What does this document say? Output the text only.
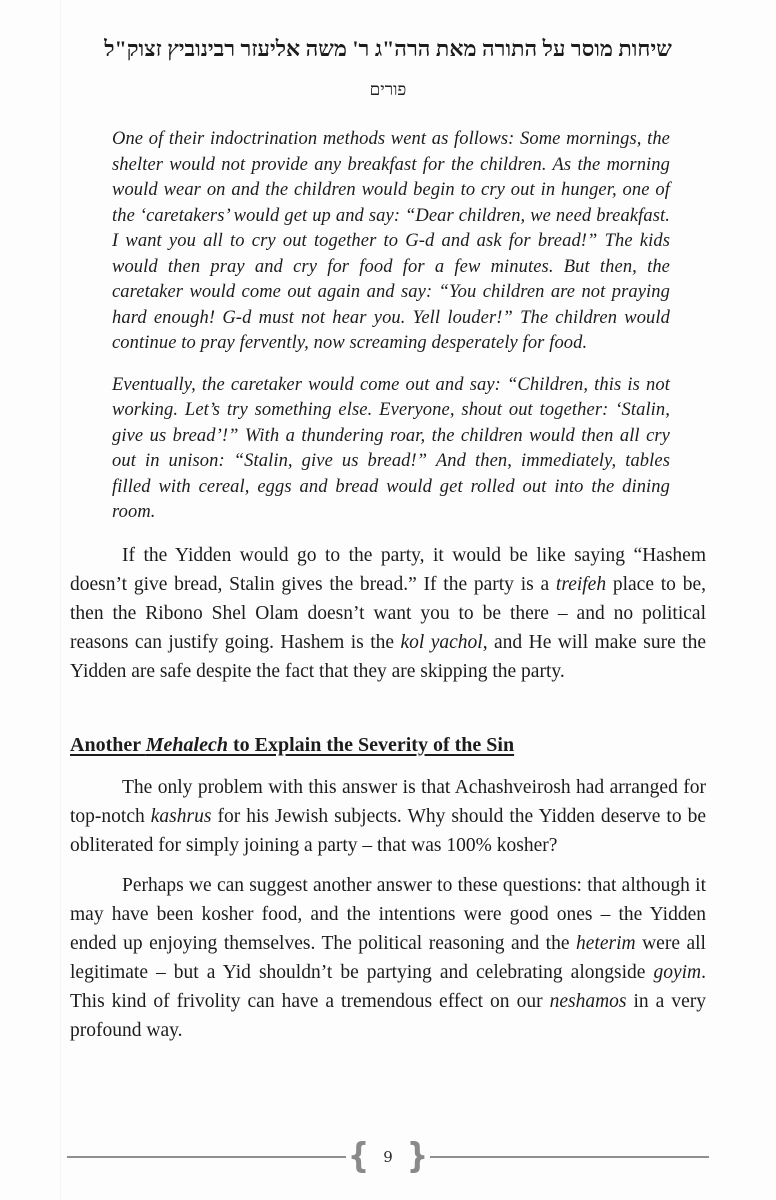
שיחות מוסר על התורה מאת הרה"ג ר' משה אליעזר רבינוביץ זצוק"ל
פורים
One of their indoctrination methods went as follows: Some mornings, the shelter would not provide any breakfast for the children. As the morning would wear on and the children would begin to cry out in hunger, one of the ‘caretakers’ would get up and say: “Dear children, we need breakfast. I want you all to cry out together to G-d and ask for bread!” The kids would then pray and cry for food for a few minutes. But then, the caretaker would come out again and say: “You children are not praying hard enough! G-d must not hear you. Yell louder!” The children would continue to pray fervently, now screaming desperately for food.
Eventually, the caretaker would come out and say: “Children, this is not working. Let’s try something else. Everyone, shout out together: ‘Stalin, give us bread’!” With a thundering roar, the children would then all cry out in unison: “Stalin, give us bread!” And then, immediately, tables filled with cereal, eggs and bread would get rolled out into the dining room.

If the Yidden would go to the party, it would be like saying “Hashem doesn’t give bread, Stalin gives the bread.” If the party is a treifeh place to be, then the Ribono Shel Olam doesn’t want you to be there – and no political reasons can justify going. Hashem is the kol yachol, and He will make sure the Yidden are safe despite the fact that they are skipping the party.

Another Mehalech to Explain the Severity of the Sin

The only problem with this answer is that Achashveirosh had arranged for top-notch kashrus for his Jewish subjects. Why should the Yidden deserve to be obliterated for simply joining a party – that was 100% kosher?

Perhaps we can suggest another answer to these questions: that although it may have been kosher food, and the intentions were good ones – the Yidden ended up enjoying themselves. The political reasoning and the heterim were all legitimate – but a Yid shouldn’t be partying and celebrating alongside goyim. This kind of frivolity can have a tremendous effect on our neshamos in a very profound way.

{ 9 }
